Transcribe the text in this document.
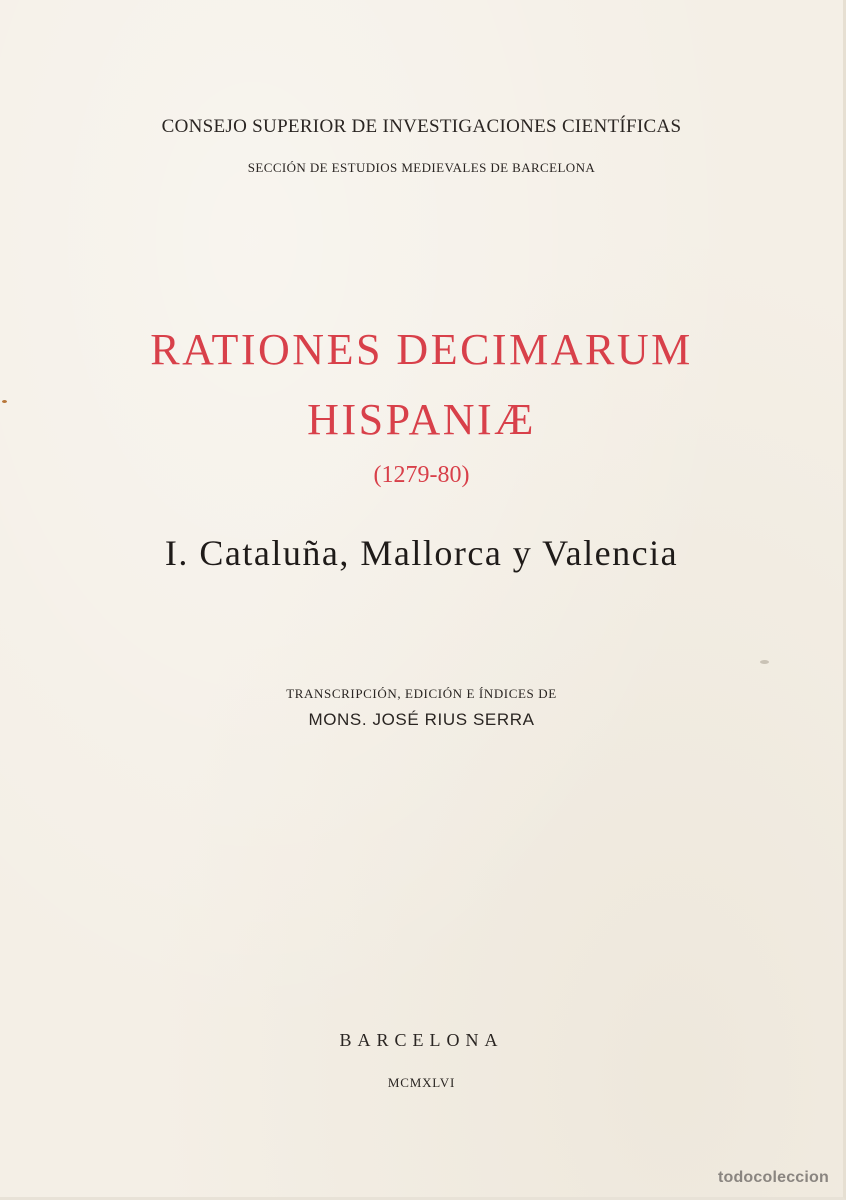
CONSEJO SUPERIOR DE INVESTIGACIONES CIENTÍFICAS
SECCIÓN DE ESTUDIOS MEDIEVALES DE BARCELONA
RATIONES DECIMARUM
HISPANIÆ
(1279-80)
I. Cataluña, Mallorca y Valencia
TRANSCRIPCIÓN, EDICIÓN E ÍNDICES DE
MONS. JOSÉ RIUS SERRA
BARCELONA
MCMXLVI
todocoleccion
